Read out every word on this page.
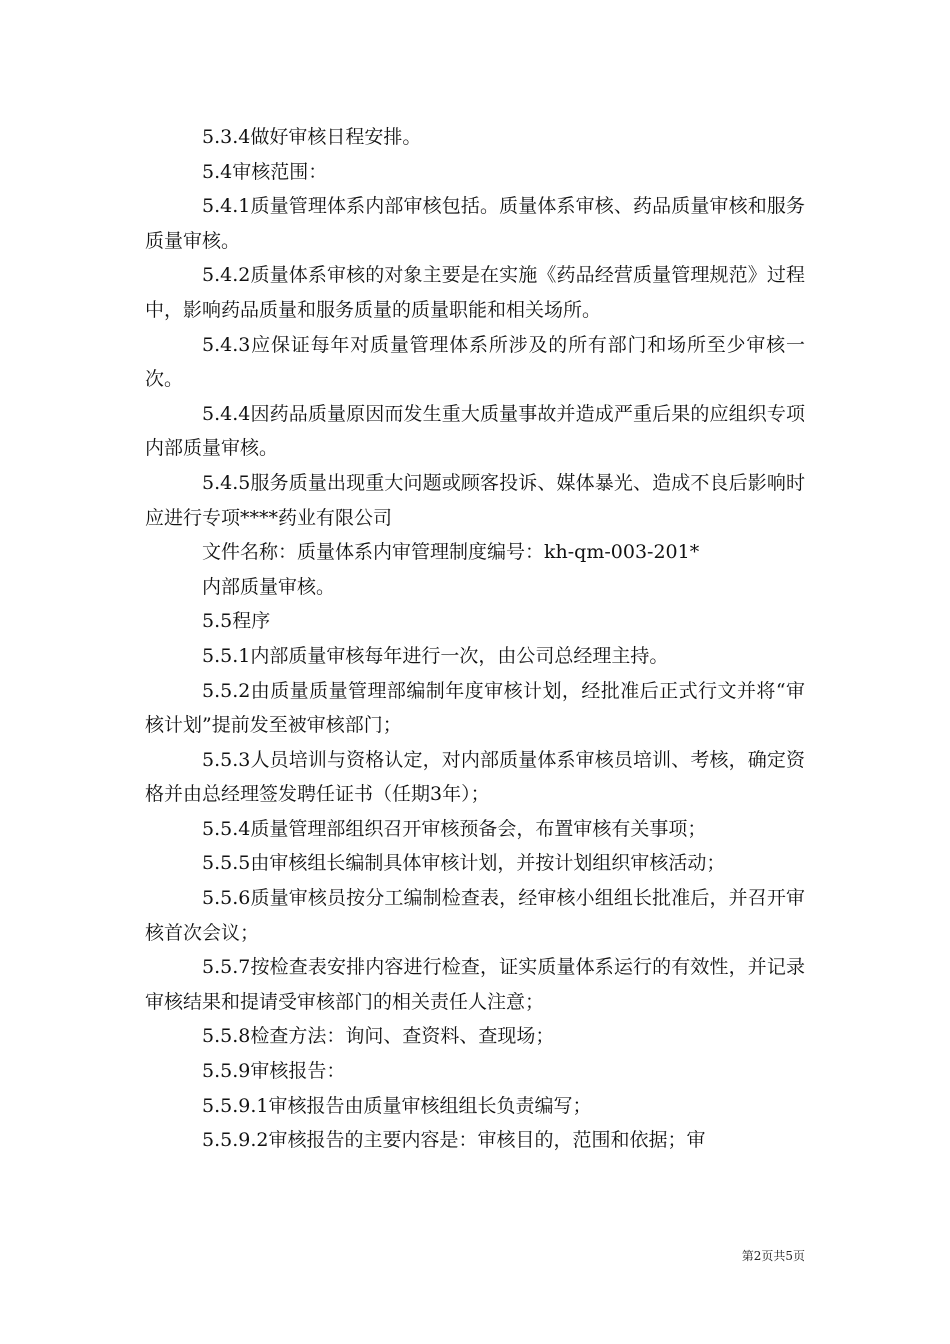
5.3.4做好审核日程安排。

5.4审核范围：

5.4.1质量管理体系内部审核包括。质量体系审核、药品质量审核和服务质量审核。

5.4.2质量体系审核的对象主要是在实施《药品经营质量管理规范》过程中，影响药品质量和服务质量的质量职能和相关场所。

5.4.3应保证每年对质量管理体系所涉及的所有部门和场所至少审核一次。

5.4.4因药品质量原因而发生重大质量事故并造成严重后果的应组织专项内部质量审核。

5.4.5服务质量出现重大问题或顾客投诉、媒体暴光、造成不良后影响时应进行专项****药业有限公司

文件名称：质量体系内审管理制度编号：kh-qm-003-201*

内部质量审核。

5.5程序

5.5.1内部质量审核每年进行一次，由公司总经理主持。

5.5.2由质量质量管理部编制年度审核计划，经批准后正式行文并将“审核计划”提前发至被审核部门；

5.5.3人员培训与资格认定，对内部质量体系审核员培训、考核，确定资格并由总经理签发聘任证书（任期3年）；

5.5.4质量管理部组织召开审核预备会，布置审核有关事项；

5.5.5由审核组长编制具体审核计划，并按计划组织审核活动；

5.5.6质量审核员按分工编制检查表，经审核小组组长批准后，并召开审核首次会议；

5.5.7按检查表安排内容进行检查，证实质量体系运行的有效性，并记录审核结果和提请受审核部门的相关责任人注意；

5.5.8检查方法：询问、查资料、查现场；

5.5.9审核报告：

5.5.9.1审核报告由质量审核组组长负责编写；

5.5.9.2审核报告的主要内容是：审核目的，范围和依据；审

第2页共5页
